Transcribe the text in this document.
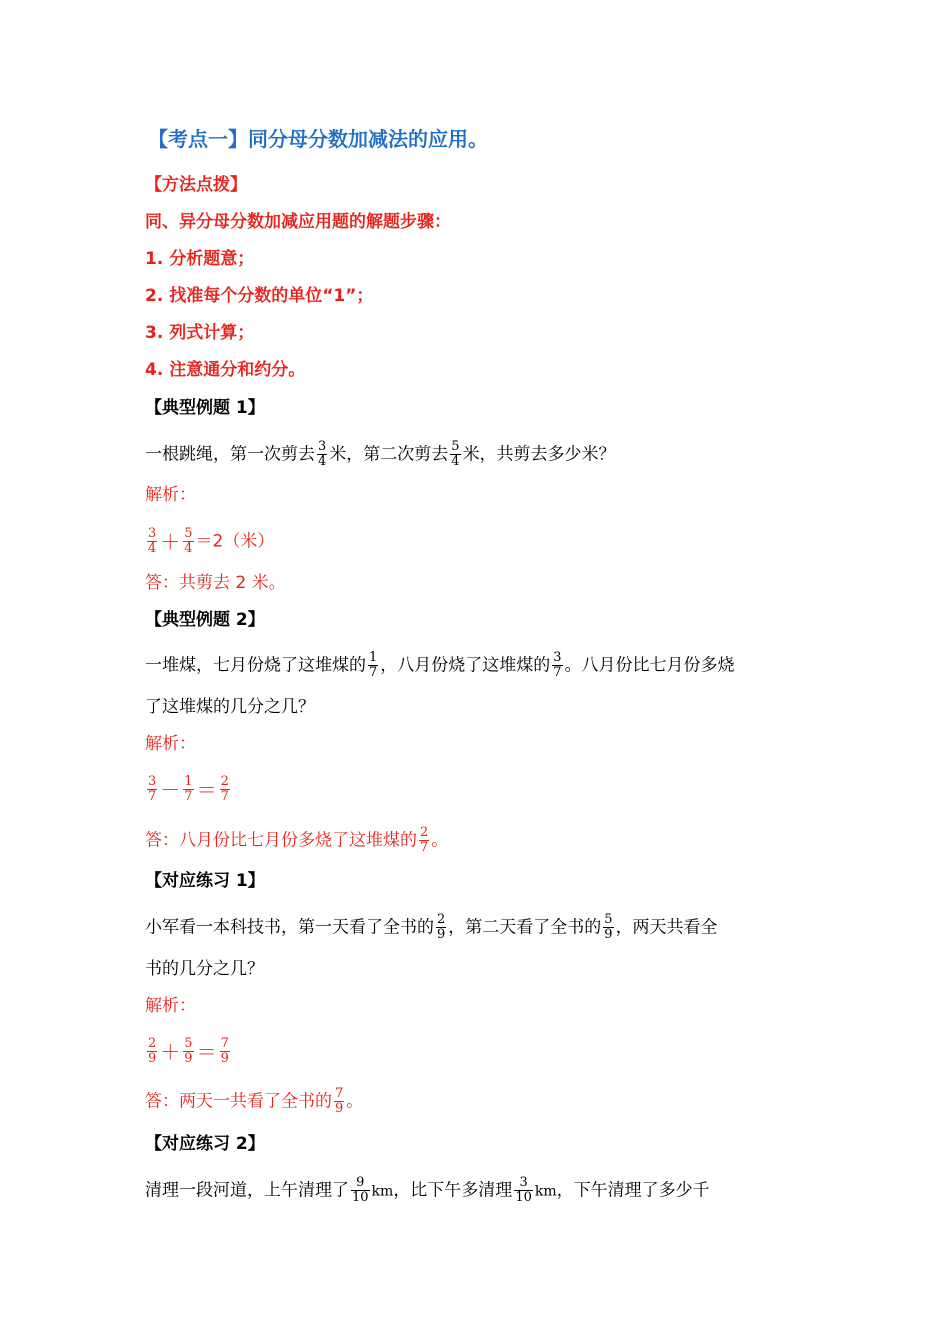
【考点一】同分母分数加减法的应用。
【方法点拨】
同、异分母分数加减应用题的解题步骤：
1. 分析题意；
2. 找准每个分数的单位“1”；
3. 列式计算；
4. 注意通分和约分。
【典型例题 1】
一根跳绳，第一次剪去 $\frac{3}{4}$ 米，第二次剪去 $\frac{5}{4}$ 米，共剪去多少米？
解析：
$\frac{3}{4} + \frac{5}{4} =2$（米）
答：共剪去 2 米。
【典型例题 2】
一堆煤，七月份烧了这堆煤的 $\frac{1}{7}$ ，八月份烧了这堆煤的 $\frac{3}{7}$ 。八月份比七月份多烧
了这堆煤的几分之几？
解析：
$\frac{3}{7} - \frac{1}{7} = \frac{2}{7}$
答：八月份比七月份多烧了这堆煤的 $\frac{2}{7}$ 。
【对应练习 1】
小军看一本科技书，第一天看了全书的 $\frac{2}{9}$ ，第二天看了全书的 $\frac{5}{9}$ ，两天共看全
书的几分之几？
解析：
$\frac{2}{9} + \frac{5}{9} = \frac{7}{9}$
答：两天一共看了全书的 $\frac{7}{9}$ 。
【对应练习 2】
清理一段河道，上午清理了 $\frac{9}{10}$ km，比下午多清理 $\frac{3}{10}$ km，下午清理了多少千
